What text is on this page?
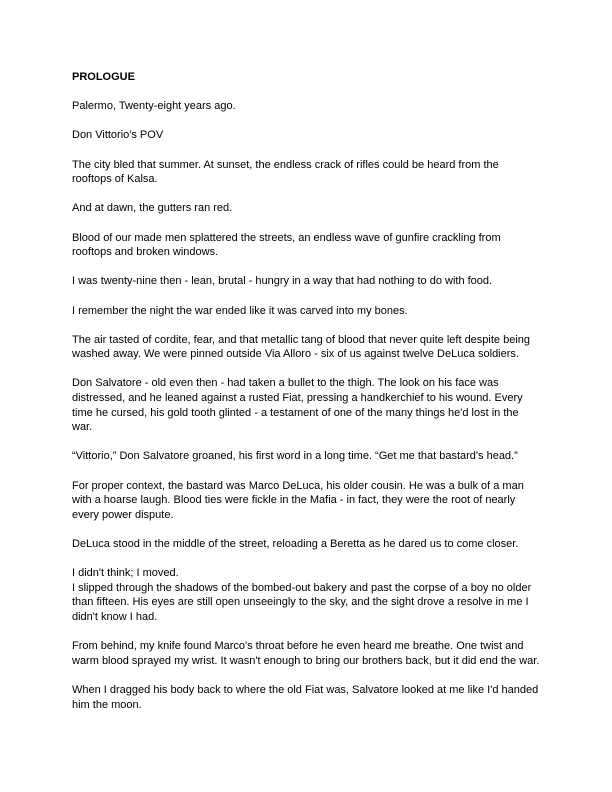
PROLOGUE

Palermo, Twenty-eight years ago.

Don Vittorio's POV

The city bled that summer. At sunset, the endless crack of rifles could be heard from the
rooftops of Kalsa.

And at dawn, the gutters ran red.

Blood of our made men splattered the streets, an endless wave of gunfire crackling from
rooftops and broken windows.

I was twenty-nine then - lean, brutal - hungry in a way that had nothing to do with food.

I remember the night the war ended like it was carved into my bones.

The air tasted of cordite, fear, and that metallic tang of blood that never quite left despite being
washed away. We were pinned outside Via Alloro - six of us against twelve DeLuca soldiers.

Don Salvatore - old even then - had taken a bullet to the thigh. The look on his face was
distressed, and he leaned against a rusted Fiat, pressing a handkerchief to his wound. Every
time he cursed, his gold tooth glinted - a testament of one of the many things he'd lost in the
war.

“Vittorio,” Don Salvatore groaned, his first word in a long time. “Get me that bastard's head.”

For proper context, the bastard was Marco DeLuca, his older cousin. He was a bulk of a man
with a hoarse laugh. Blood ties were fickle in the Mafia - in fact, they were the root of nearly
every power dispute.

DeLuca stood in the middle of the street, reloading a Beretta as he dared us to come closer.

I didn't think; I moved.

I slipped through the shadows of the bombed-out bakery and past the corpse of a boy no older
than fifteen. His eyes are still open unseeingly to the sky, and the sight drove a resolve in me I
didn't know I had.

From behind, my knife found Marco's throat before he even heard me breathe. One twist and
warm blood sprayed my wrist. It wasn't enough to bring our brothers back, but it did end the war.

When I dragged his body back to where the old Fiat was, Salvatore looked at me like I'd handed
him the moon.
